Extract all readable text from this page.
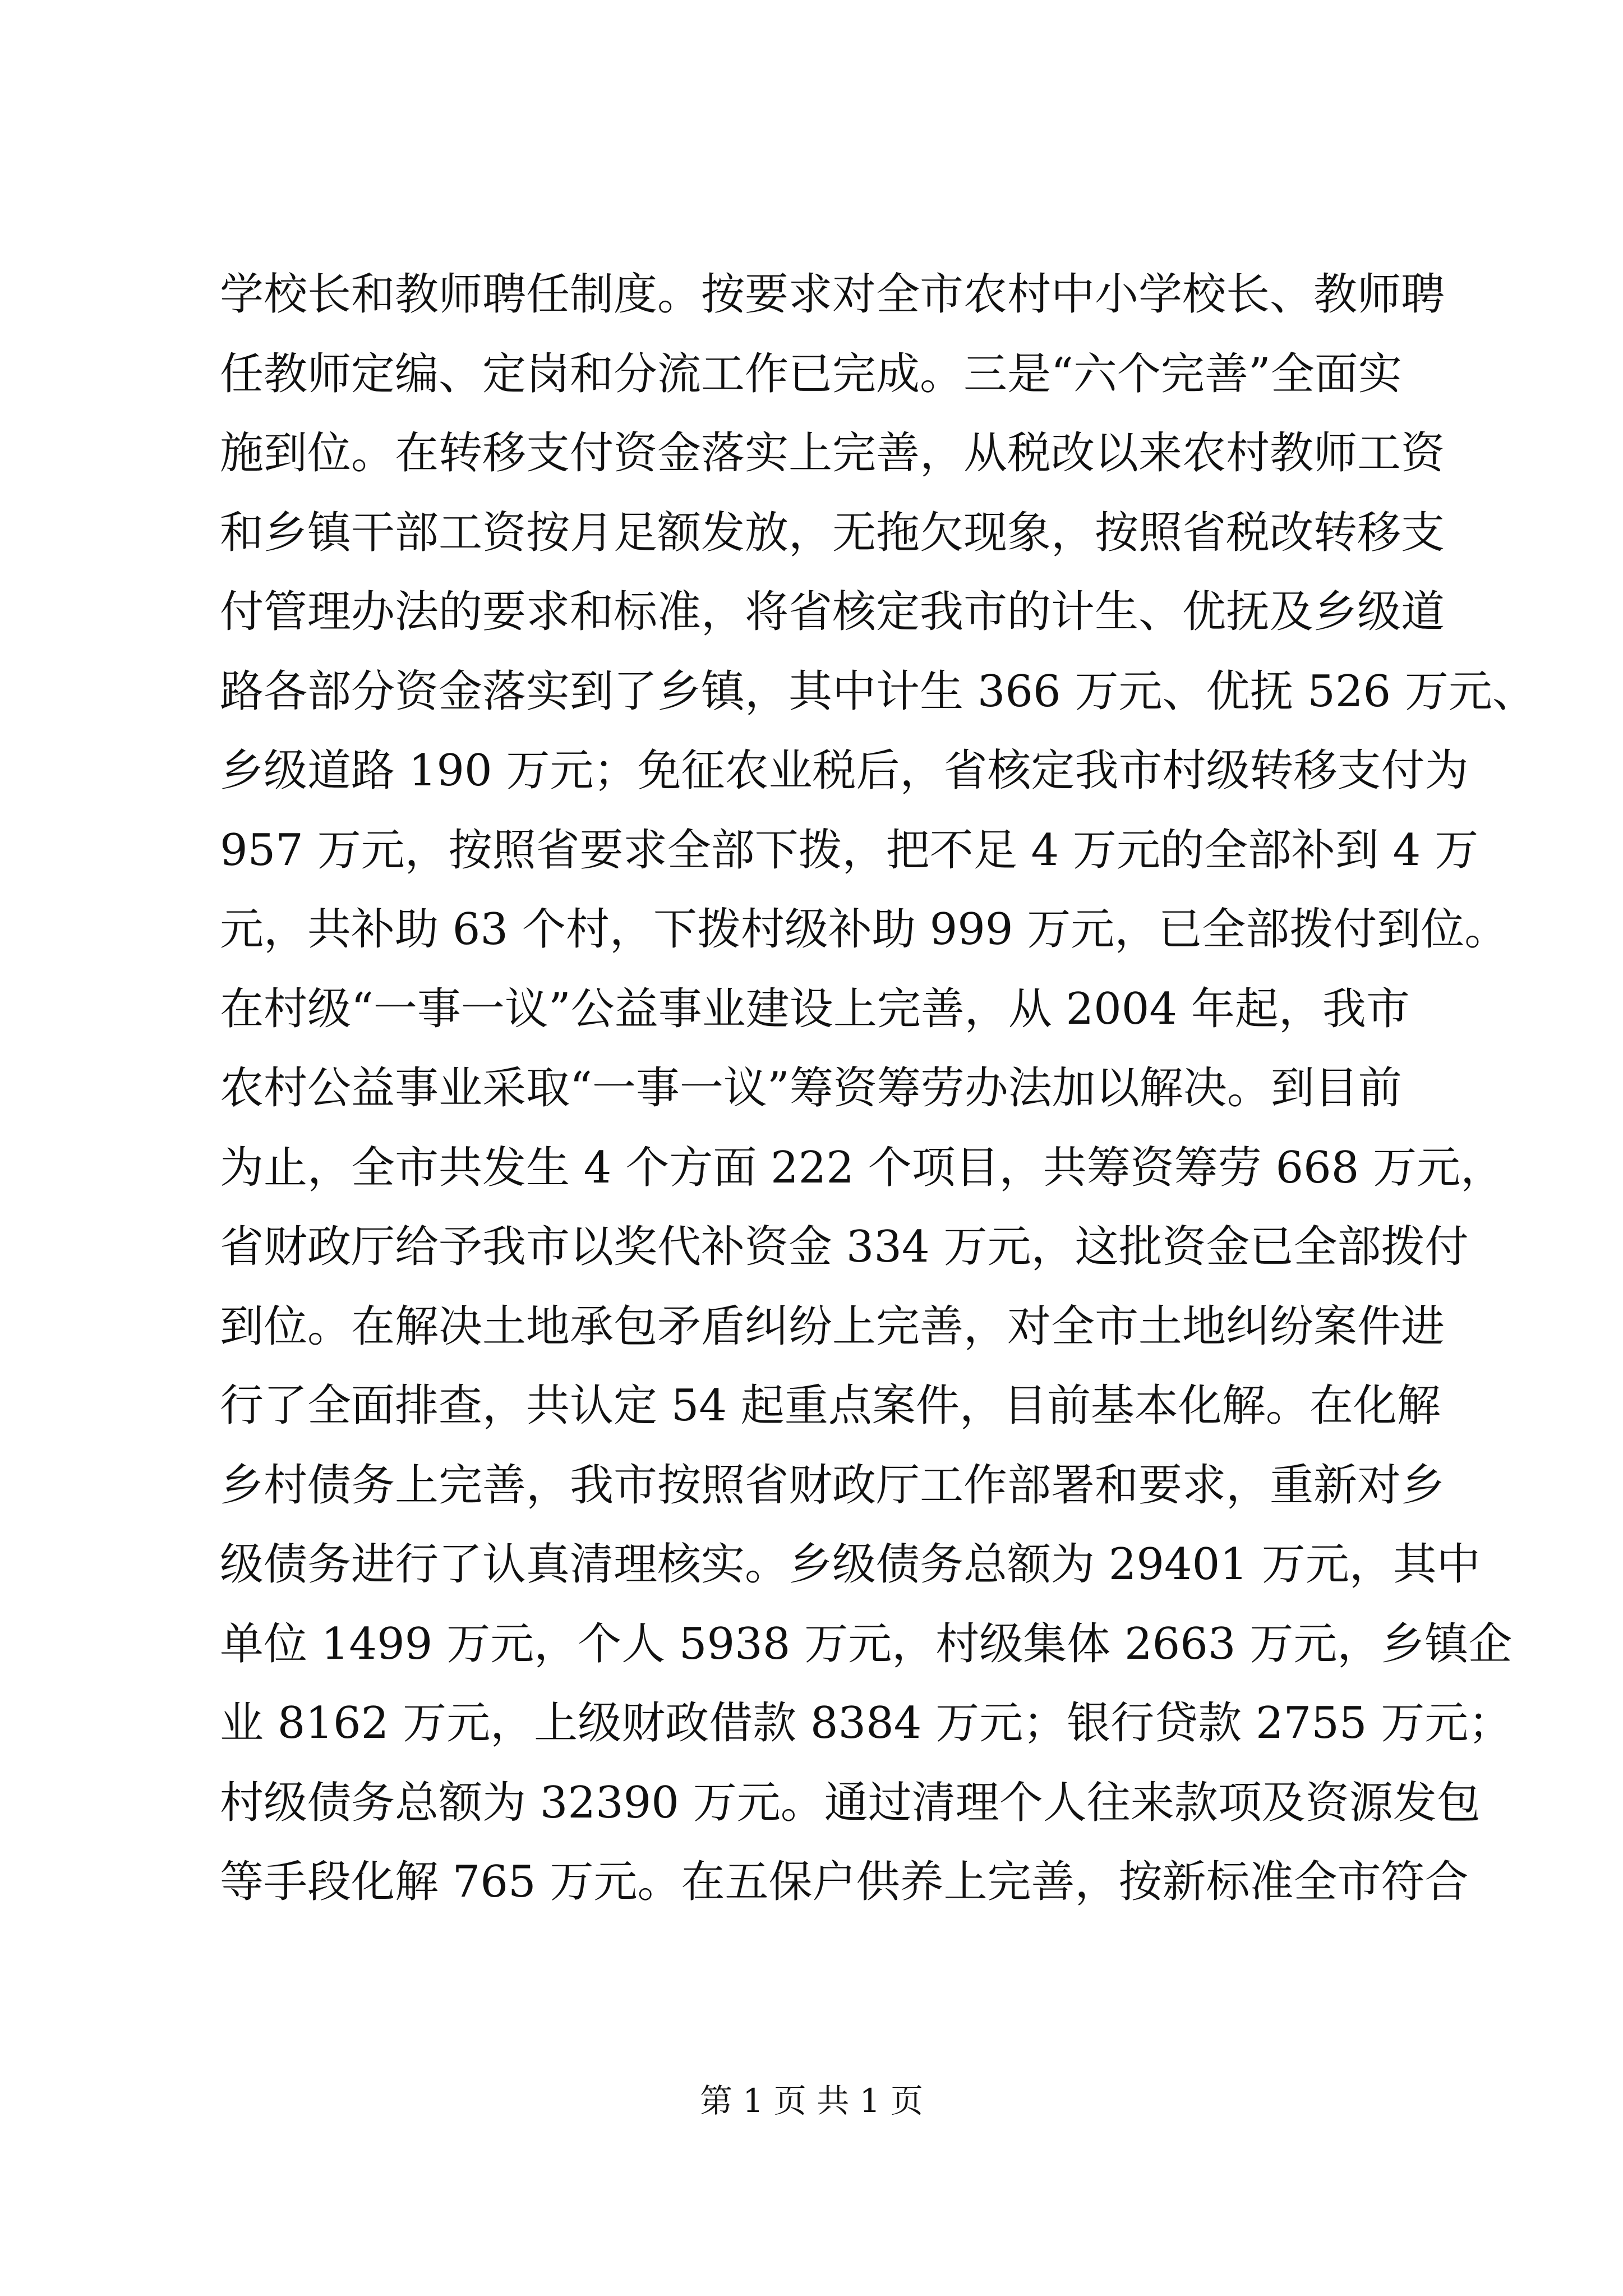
学校长和教师聘任制度。按要求对全市农村中小学校长、教师聘
任教师定编、定岗和分流工作已完成。三是“六个完善”全面实
施到位。在转移支付资金落实上完善，从税改以来农村教师工资
和乡镇干部工资按月足额发放，无拖欠现象，按照省税改转移支
付管理办法的要求和标准，将省核定我市的计生、优抚及乡级道
路各部分资金落实到了乡镇，其中计生 366 万元、优抚 526 万元、
乡级道路 190 万元；免征农业税后，省核定我市村级转移支付为
957 万元，按照省要求全部下拨，把不足 4 万元的全部补到 4 万
元，共补助 63 个村，下拨村级补助 999 万元，已全部拨付到位。
在村级“一事一议”公益事业建设上完善，从 2004 年起，我市
农村公益事业采取“一事一议”筹资筹劳办法加以解决。到目前
为止，全市共发生 4 个方面 222 个项目，共筹资筹劳 668 万元，
省财政厅给予我市以奖代补资金 334 万元，这批资金已全部拨付
到位。在解决土地承包矛盾纠纷上完善，对全市土地纠纷案件进
行了全面排查，共认定 54 起重点案件，目前基本化解。在化解
乡村债务上完善，我市按照省财政厅工作部署和要求，重新对乡
级债务进行了认真清理核实。乡级债务总额为 29401 万元，其中
单位 1499 万元，个人 5938 万元，村级集体 2663 万元，乡镇企
业 8162 万元，上级财政借款 8384 万元；银行贷款 2755 万元；
村级债务总额为 32390 万元。通过清理个人往来款项及资源发包
等手段化解 765 万元。在五保户供养上完善，按新标准全市符合
第 1 页 共 1 页
